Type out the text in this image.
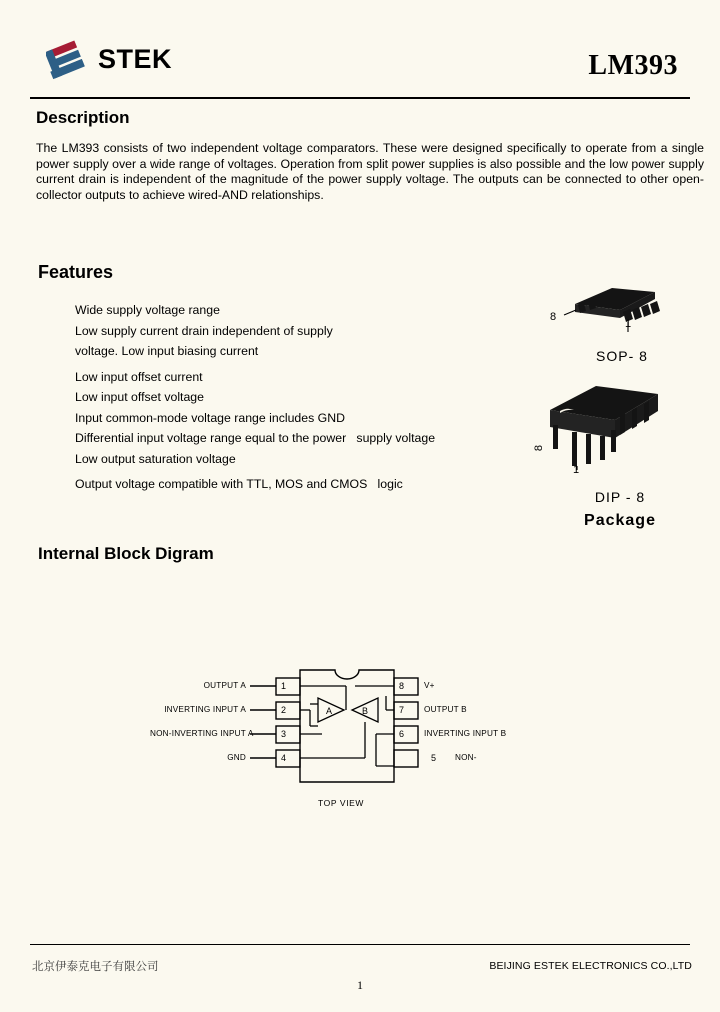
STEK	LM393
Description
The LM393 consists of two independent voltage comparators. These were designed specifically to operate from a single power supply over a wide range of voltages. Operation from split power supplies is also possible and the low power supply current drain is independent of the magnitude of the power supply voltage. The outputs can be connected to other open-collector outputs to achieve wired-AND relationships.
Features
Wide supply voltage range
Low supply current drain independent of supply
voltage. Low input biasing current
Low input offset current
Low input offset voltage
Input common-mode voltage range includes GND
Differential input voltage range equal to the power   supply voltage
Low output saturation voltage
Output voltage compatible with TTL, MOS and CMOS   logic
8
1
SOP- 8
8
1
DIP - 8
Package
Internal Block Digram
A	B
1
2
3
4
OUTPUT A
INVERTING INPUT A
NON-INVERTING INPUT A
GND
8
7
6
5
V+
OUTPUT B
INVERTING INPUT B
NON-
TOP VIEW
北京伊泰克电子有限公司	BEIJING ESTEK ELECTRONICS CO.,LTD
1
